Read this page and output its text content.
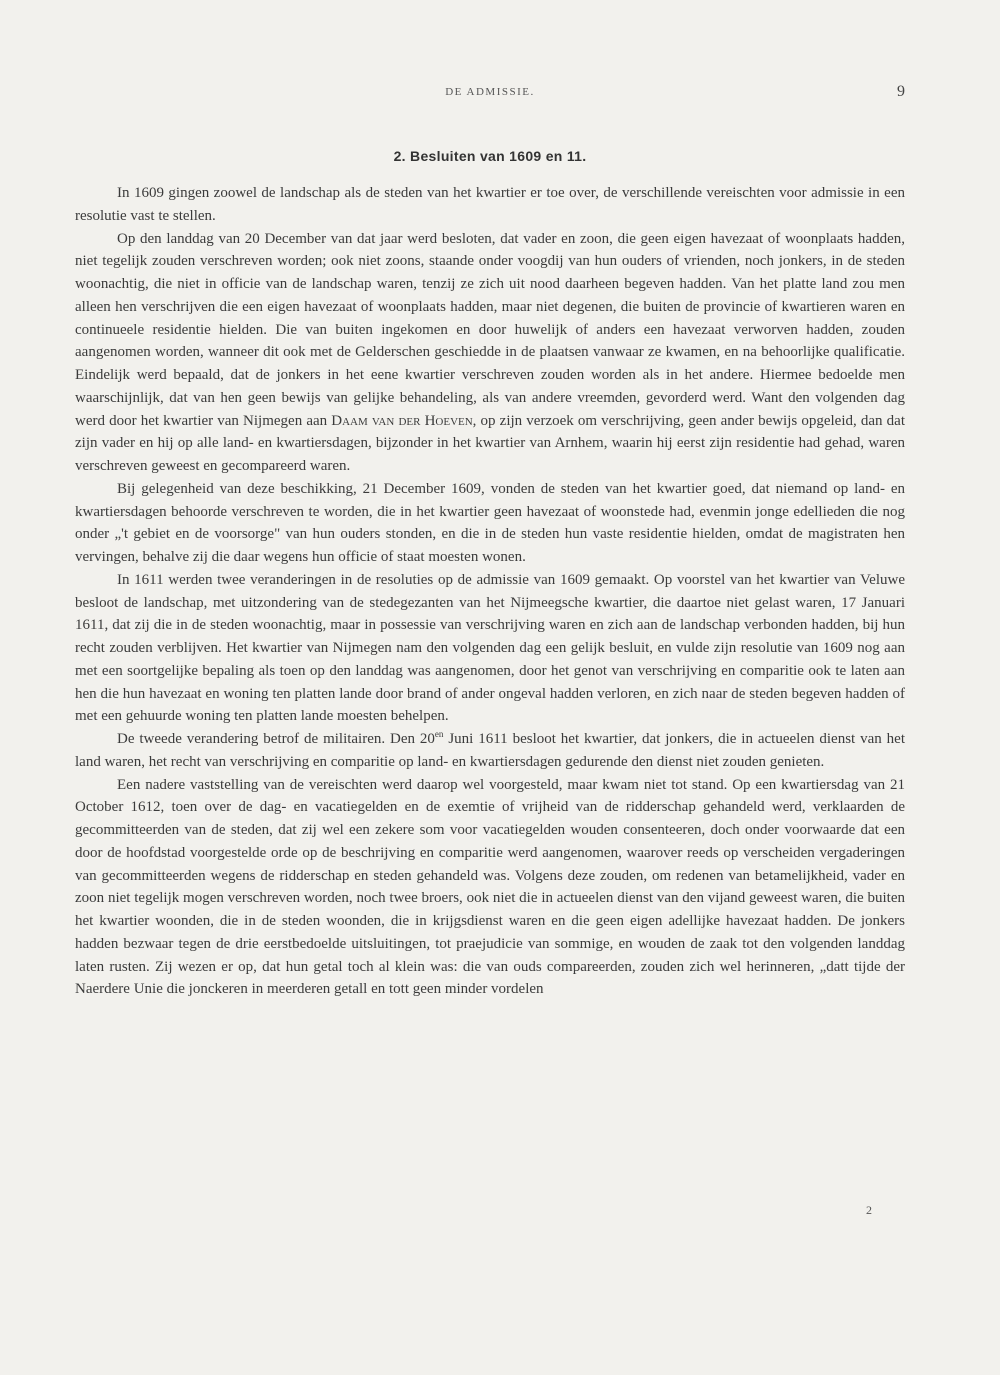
DE ADMISSIE.	9
2. Besluiten van 1609 en 11.

In 1609 gingen zoowel de landschap als de steden van het kwartier er toe over, de verschillende vereischten voor admissie in een resolutie vast te stellen.

Op den landdag van 20 December van dat jaar werd besloten, dat vader en zoon, die geen eigen havezaat of woonplaats hadden, niet tegelijk zouden verschreven worden; ook niet zoons, staande onder voogdij van hun ouders of vrienden, noch jonkers, in de steden woonachtig, die niet in officie van de landschap waren, tenzij ze zich uit nood daarheen begeven hadden. Van het platte land zou men alleen hen verschrijven die een eigen havezaat of woonplaats hadden, maar niet degenen, die buiten de provincie of kwartieren waren en continueele residentie hielden. Die van buiten ingekomen en door huwelijk of anders een havezaat verworven hadden, zouden aangenomen worden, wanneer dit ook met de Gelderschen geschiedde in de plaatsen vanwaar ze kwamen, en na behoorlijke qualificatie. Eindelijk werd bepaald, dat de jonkers in het eene kwartier verschreven zouden worden als in het andere. Hiermee bedoelde men waarschijnlijk, dat van hen geen bewijs van gelijke behandeling, als van andere vreemden, gevorderd werd. Want den volgenden dag werd door het kwartier van Nijmegen aan Daam van der Hoeven, op zijn verzoek om verschrijving, geen ander bewijs opgeleid, dan dat zijn vader en hij op alle land- en kwartiersdagen, bijzonder in het kwartier van Arnhem, waarin hij eerst zijn residentie had gehad, waren verschreven geweest en gecompareerd waren.

Bij gelegenheid van deze beschikking, 21 December 1609, vonden de steden van het kwartier goed, dat niemand op land- en kwartiersdagen behoorde verschreven te worden, die in het kwartier geen havezaat of woonstede had, evenmin jonge edellieden die nog onder „'t gebiet en de voorsorge" van hun ouders stonden, en die in de steden hun vaste residentie hielden, omdat de magistraten hen vervingen, behalve zij die daar wegens hun officie of staat moesten wonen.

In 1611 werden twee veranderingen in de resoluties op de admissie van 1609 gemaakt. Op voorstel van het kwartier van Veluwe besloot de landschap, met uitzondering van de stedegezanten van het Nijmeegsche kwartier, die daartoe niet gelast waren, 17 Januari 1611, dat zij die in de steden woonachtig, maar in possessie van verschrijving waren en zich aan de landschap verbonden hadden, bij hun recht zouden verblijven. Het kwartier van Nijmegen nam den volgenden dag een gelijk besluit, en vulde zijn resolutie van 1609 nog aan met een soortgelijke bepaling als toen op den landdag was aangenomen, door het genot van verschrijving en comparitie ook te laten aan hen die hun havezaat en woning ten platten lande door brand of ander ongeval hadden verloren, en zich naar de steden begeven hadden of met een gehuurde woning ten platten lande moesten behelpen.

De tweede verandering betrof de militairen. Den $20^{en}$ Juni 1611 besloot het kwartier, dat jonkers, die in actueelen dienst van het land waren, het recht van verschrijving en comparitie op land- en kwartiersdagen gedurende den dienst niet zouden genieten.

Een nadere vaststelling van de vereischten werd daarop wel voorgesteld, maar kwam niet tot stand. Op een kwartiersdag van 21 October 1612, toen over de dag- en vacatiegelden en de exemtie of vrijheid van de ridderschap gehandeld werd, verklaarden de gecommitteerden van de steden, dat zij wel een zekere som voor vacatiegelden wouden consenteeren, doch onder voorwaarde dat een door de hoofdstad voorgestelde orde op de beschrijving en comparitie werd aangenomen, waarover reeds op verscheiden vergaderingen van gecommitteerden wegens de ridderschap en steden gehandeld was. Volgens deze zouden, om redenen van betamelijkheid, vader en zoon niet tegelijk mogen verschreven worden, noch twee broers, ook niet die in actueelen dienst van den vijand geweest waren, die buiten het kwartier woonden, die in de steden woonden, die in krijgsdienst waren en die geen eigen adellijke havezaat hadden. De jonkers hadden bezwaar tegen de drie eerstbedoelde uitsluitingen, tot praejudicie van sommige, en wouden de zaak tot den volgenden landdag laten rusten. Zij wezen er op, dat hun getal toch al klein was: die van ouds compareerden, zouden zich wel herinneren, „datt tijde der Naerdere Unie die jonckeren in meerderen getall en tott geen minder vordelen

2
